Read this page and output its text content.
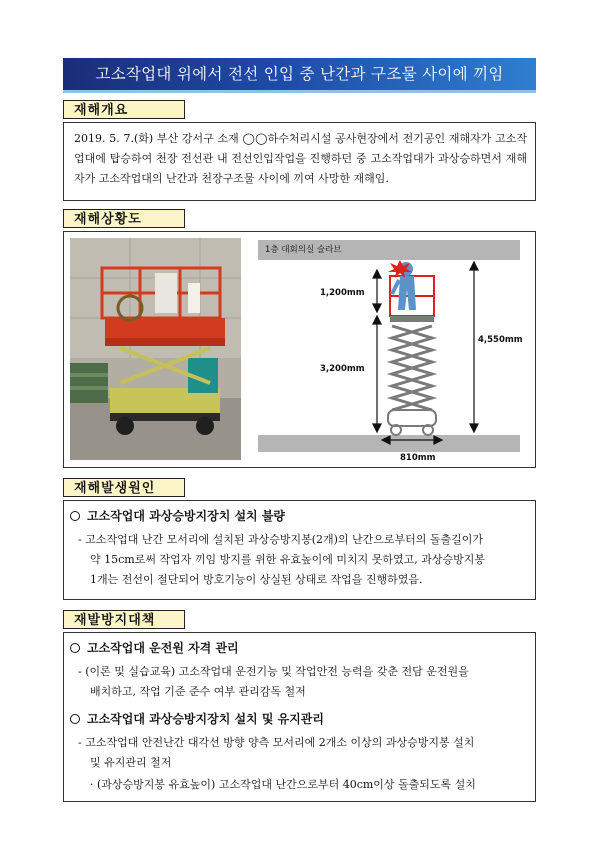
고소작업대 위에서 전선 인입 중 난간과 구조물 사이에 끼임
재해개요
2019. 5. 7.(화) 부산 강서구 소재 ◯◯하수처리시설 공사현장에서 전기공인 재해자가 고소작업대에 탑승하여 천장 전선관 내 전선인입작업을 진행하던 중 고소작업대가 과상승하면서 재해자가 고소작업대의 난간과 천장구조물 사이에 끼여 사망한 재해임.
재해상황도
1층 대회의실 슬라브
1,200mm
3,200mm
4,550mm
810mm
재해발생원인
고소작업대 과상승방지장치 설치 불량
- 고소작업대 난간 모서리에 설치된 과상승방지봉(2개)의 난간으로부터의 돌출길이가
약 15cm로써 작업자 끼임 방지를 위한 유효높이에 미치지 못하였고, 과상승방지봉
1개는 전선이 절단되어 방호기능이 상실된 상태로 작업을 진행하였음.
재발방지대책
고소작업대 운전원 자격 관리
- (이론 및 실습교육) 고소작업대 운전기능 및 작업안전 능력을 갖춘 전담 운전원을
배치하고, 작업 기준 준수 여부 관리감독 철저
고소작업대 과상승방지장치 설치 및 유지관리
- 고소작업대 안전난간 대각선 방향 양측 모서리에 2개소 이상의 과상승방지봉 설치
및 유지관리 철저
· (과상승방지봉 유효높이) 고소작업대 난간으로부터 40cm이상 돌출되도록 설치
